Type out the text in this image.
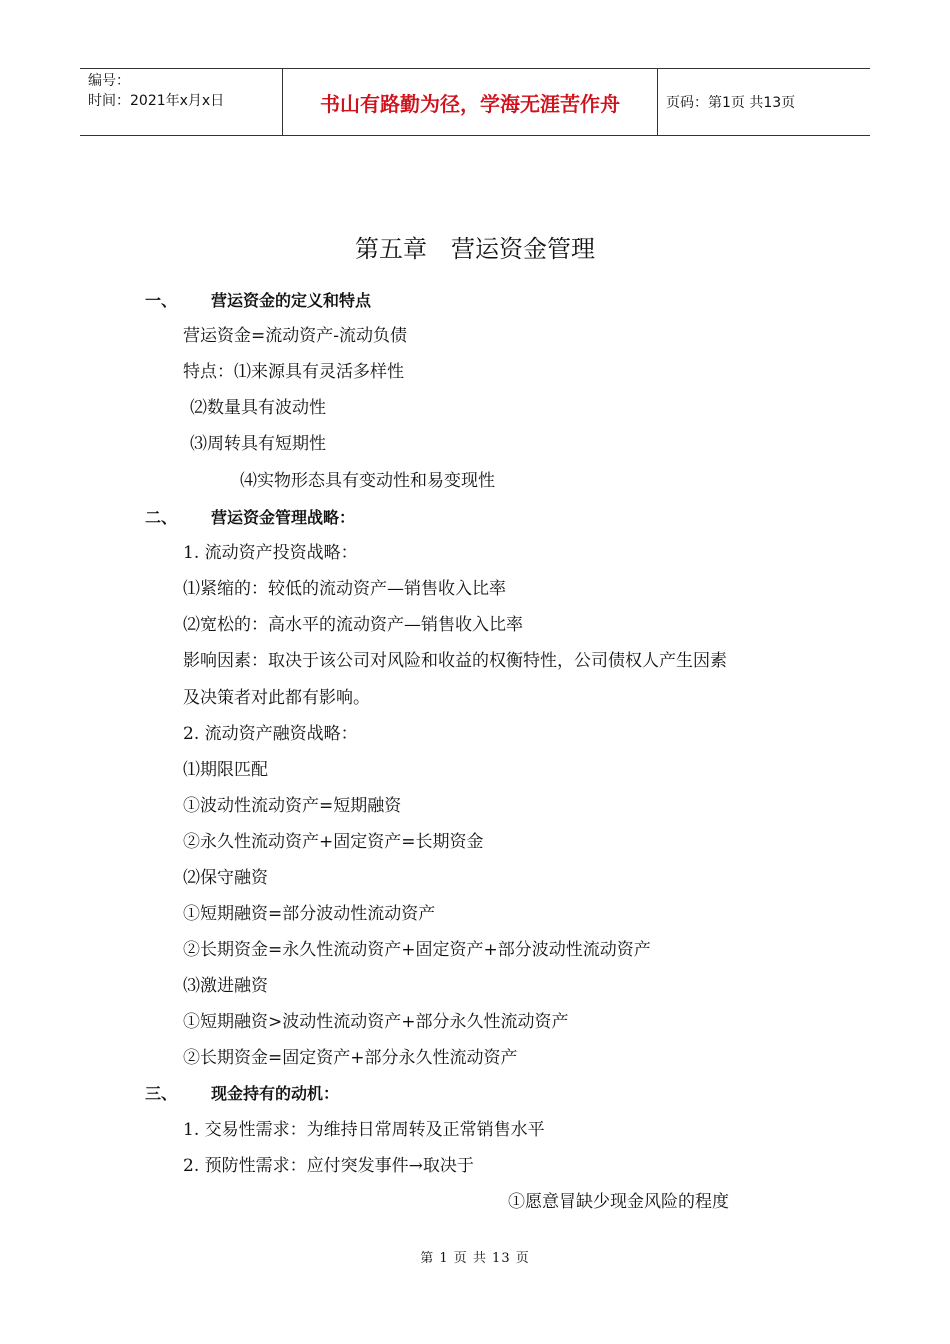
编号：
时间：2021年x月x日	书山有路勤为径，学海无涯苦作舟	页码：第1页 共13页
第五章　营运资金管理
一、 营运资金的定义和特点
营运资金=流动资产-流动负债
特点：⑴来源具有灵活多样性
⑵数量具有波动性
⑶周转具有短期性
⑷实物形态具有变动性和易变现性
二、 营运资金管理战略：
1. 流动资产投资战略：
⑴紧缩的：较低的流动资产—销售收入比率
⑵宽松的：高水平的流动资产—销售收入比率
影响因素：取决于该公司对风险和收益的权衡特性，公司债权人产生因素
及决策者对此都有影响。
2. 流动资产融资战略：
⑴期限匹配
①波动性流动资产=短期融资
②永久性流动资产+固定资产=长期资金
⑵保守融资
①短期融资=部分波动性流动资产
②长期资金=永久性流动资产+固定资产+部分波动性流动资产
⑶激进融资
①短期融资>波动性流动资产+部分永久性流动资产
②长期资金=固定资产+部分永久性流动资产
三、 现金持有的动机：
1. 交易性需求：为维持日常周转及正常销售水平
2. 预防性需求：应付突发事件→取决于
①愿意冒缺少现金风险的程度
第 1 页 共 13 页
